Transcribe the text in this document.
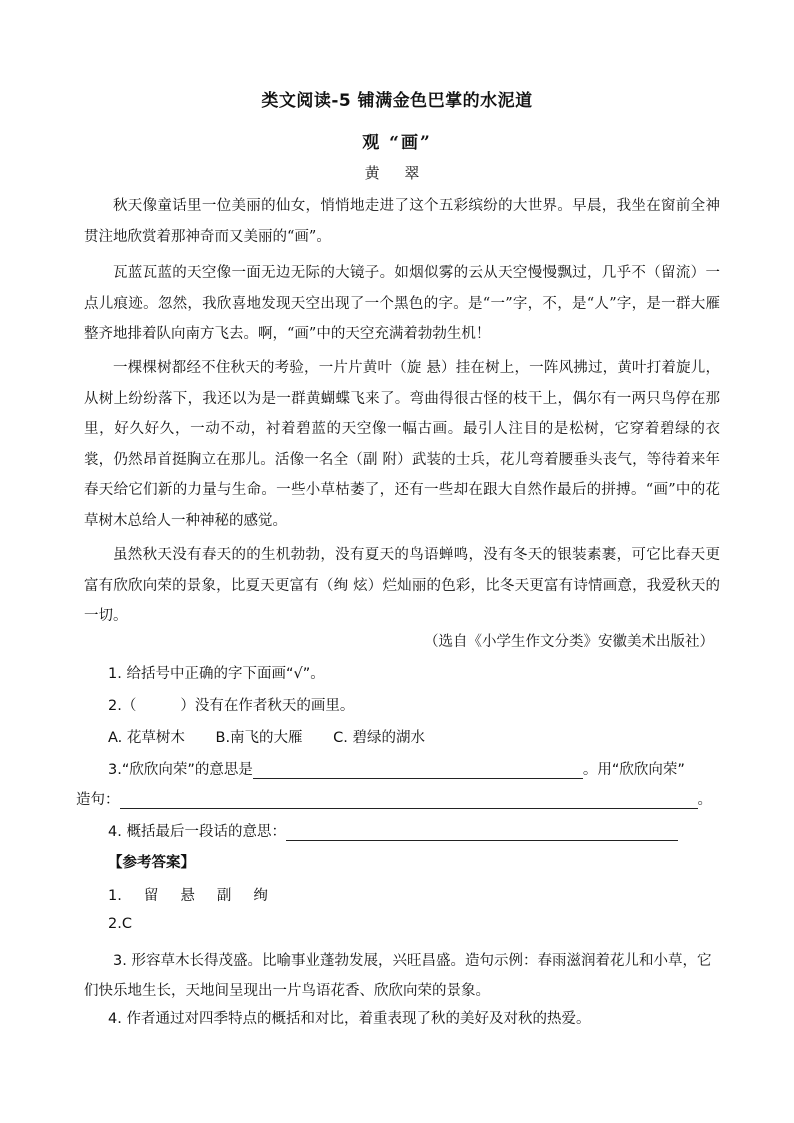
类文阅读-5 铺满金色巴掌的水泥道
观 “画”
黄 翠
秋天像童话里一位美丽的仙女，悄悄地走进了这个五彩缤纷的大世界。早晨，我坐在窗前全神贯注地欣赏着那神奇而又美丽的“画”。
瓦蓝瓦蓝的天空像一面无边无际的大镜子。如烟似雾的云从天空慢慢飘过，几乎不（留流）一点儿痕迹。忽然，我欣喜地发现天空出现了一个黑色的字。是“一”字，不，是“人”字，是一群大雁整齐地排着队向南方飞去。啊，“画”中的天空充满着勃勃生机！
一棵棵树都经不住秋天的考验，一片片黄叶（旋 悬）挂在树上，一阵风拂过，黄叶打着旋儿，从树上纷纷落下，我还以为是一群黄蝴蝶飞来了。弯曲得很古怪的枝干上，偶尔有一两只鸟停在那里，好久好久，一动不动，衬着碧蓝的天空像一幅古画。最引人注目的是松树，它穿着碧绿的衣裳，仍然昂首挺胸立在那儿。活像一名全（副 附）武装的士兵，花儿弯着腰垂头丧气，等待着来年春天给它们新的力量与生命。一些小草枯萎了，还有一些却在跟大自然作最后的拼搏。“画”中的花草树木总给人一种神秘的感觉。
虽然秋天没有春天的的生机勃勃，没有夏天的鸟语蝉鸣，没有冬天的银装素裹，可它比春天更富有欣欣向荣的景象，比夏天更富有（绚 炫）烂灿丽的色彩，比冬天更富有诗情画意，我爱秋天的一切。
（选自《小学生作文分类》安徽美术出版社）
1. 给括号中正确的字下面画“√”。
2.（	）没有在作者秋天的画里。
A. 花草树木 B.南飞的大雁 C. 碧绿的湖水
3.“欣欣向荣”的意思是	。用“欣欣向荣”
造句：	。
4. 概括最后一段话的意思：
【参考答案】
1. 留 悬 副 绚
2.C
3. 形容草木长得茂盛。比喻事业蓬勃发展，兴旺昌盛。造句示例：春雨滋润着花儿和小草，它们快乐地生长，天地间呈现出一片鸟语花香、欣欣向荣的景象。
4. 作者通过对四季特点的概括和对比，着重表现了秋的美好及对秋的热爱。
